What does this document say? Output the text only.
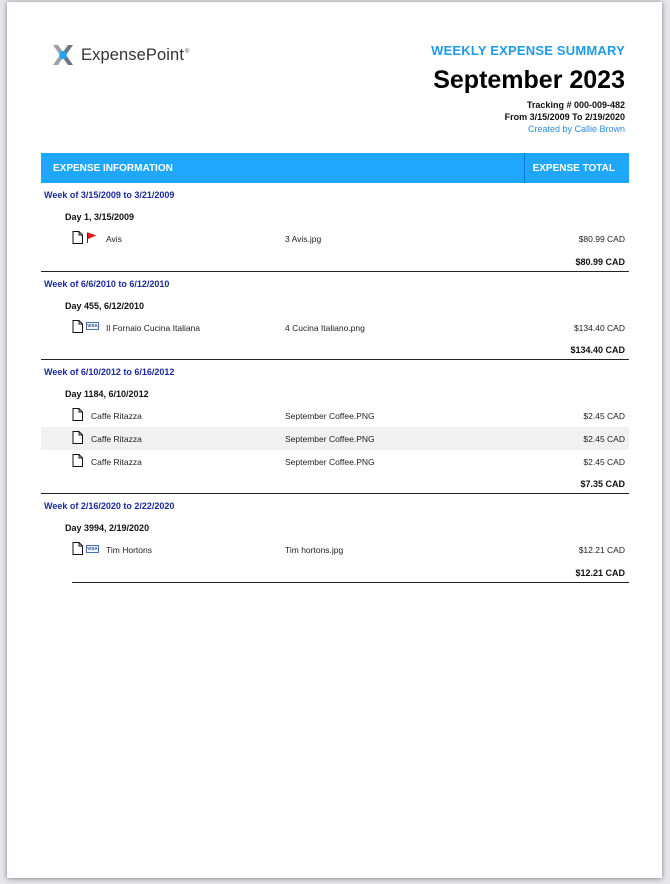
ExpensePoint®	WEEKLY EXPENSE SUMMARY
September 2023
Tracking # 000-009-482
From 3/15/2009 To 2/19/2020
Created by Callie Brown
EXPENSE INFORMATION	EXPENSE TOTAL
Week of 3/15/2009 to 3/21/2009
Day 1, 3/15/2009
Avis	3 Avis.jpg	$80.99 CAD
$80.99 CAD
Week of 6/6/2010 to 6/12/2010
Day 455, 6/12/2010
VISA Il Fornaio Cucina Italiana	4 Cucina Italiano.png	$134.40 CAD
$134.40 CAD
Week of 6/10/2012 to 6/16/2012
Day 1184, 6/10/2012
Caffe Ritazza	September Coffee.PNG	$2.45 CAD
Caffe Ritazza	September Coffee.PNG	$2.45 CAD
Caffe Ritazza	September Coffee.PNG	$2.45 CAD
$7.35 CAD
Week of 2/16/2020 to 2/22/2020
Day 3994, 2/19/2020
VISA Tim Hortons	Tim hortons.jpg	$12.21 CAD
$12.21 CAD
